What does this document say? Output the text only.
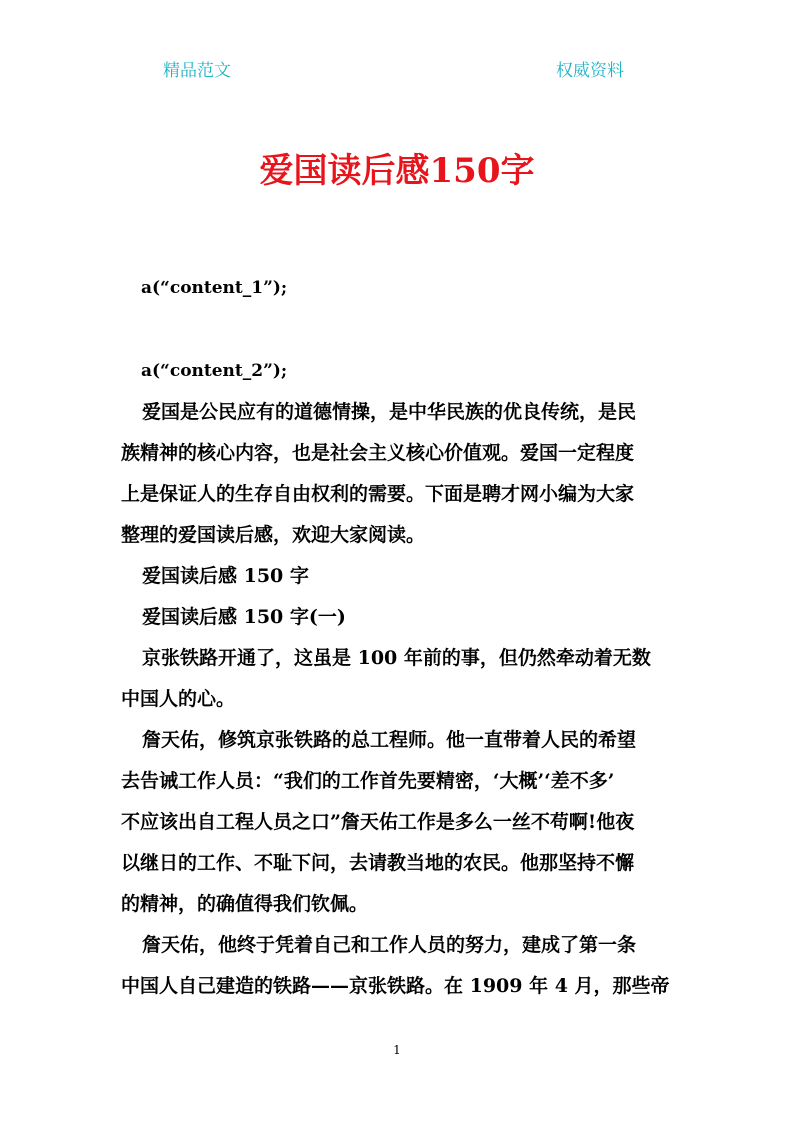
精品范文	权威资料
爱国读后感150字
a(“content_1”);
a(“content_2”);
爱国是公民应有的道德情操，是中华民族的优良传统，是民
族精神的核心内容，也是社会主义核心价值观。爱国一定程度
上是保证人的生存自由权利的需要。下面是聘才网小编为大家
整理的爱国读后感，欢迎大家阅读。
爱国读后感 150 字
爱国读后感 150 字(一)
京张铁路开通了，这虽是 100 年前的事，但仍然牵动着无数
中国人的心。
詹天佑，修筑京张铁路的总工程师。他一直带着人民的希望
去告诫工作人员：“我们的工作首先要精密，‘大概’‘差不多’
不应该出自工程人员之口”詹天佑工作是多么一丝不苟啊!他夜
以继日的工作、不耻下问，去请教当地的农民。他那坚持不懈
的精神，的确值得我们钦佩。
詹天佑，他终于凭着自己和工作人员的努力，建成了第一条
中国人自己建造的铁路——京张铁路。在 1909 年 4 月，那些帝
1
